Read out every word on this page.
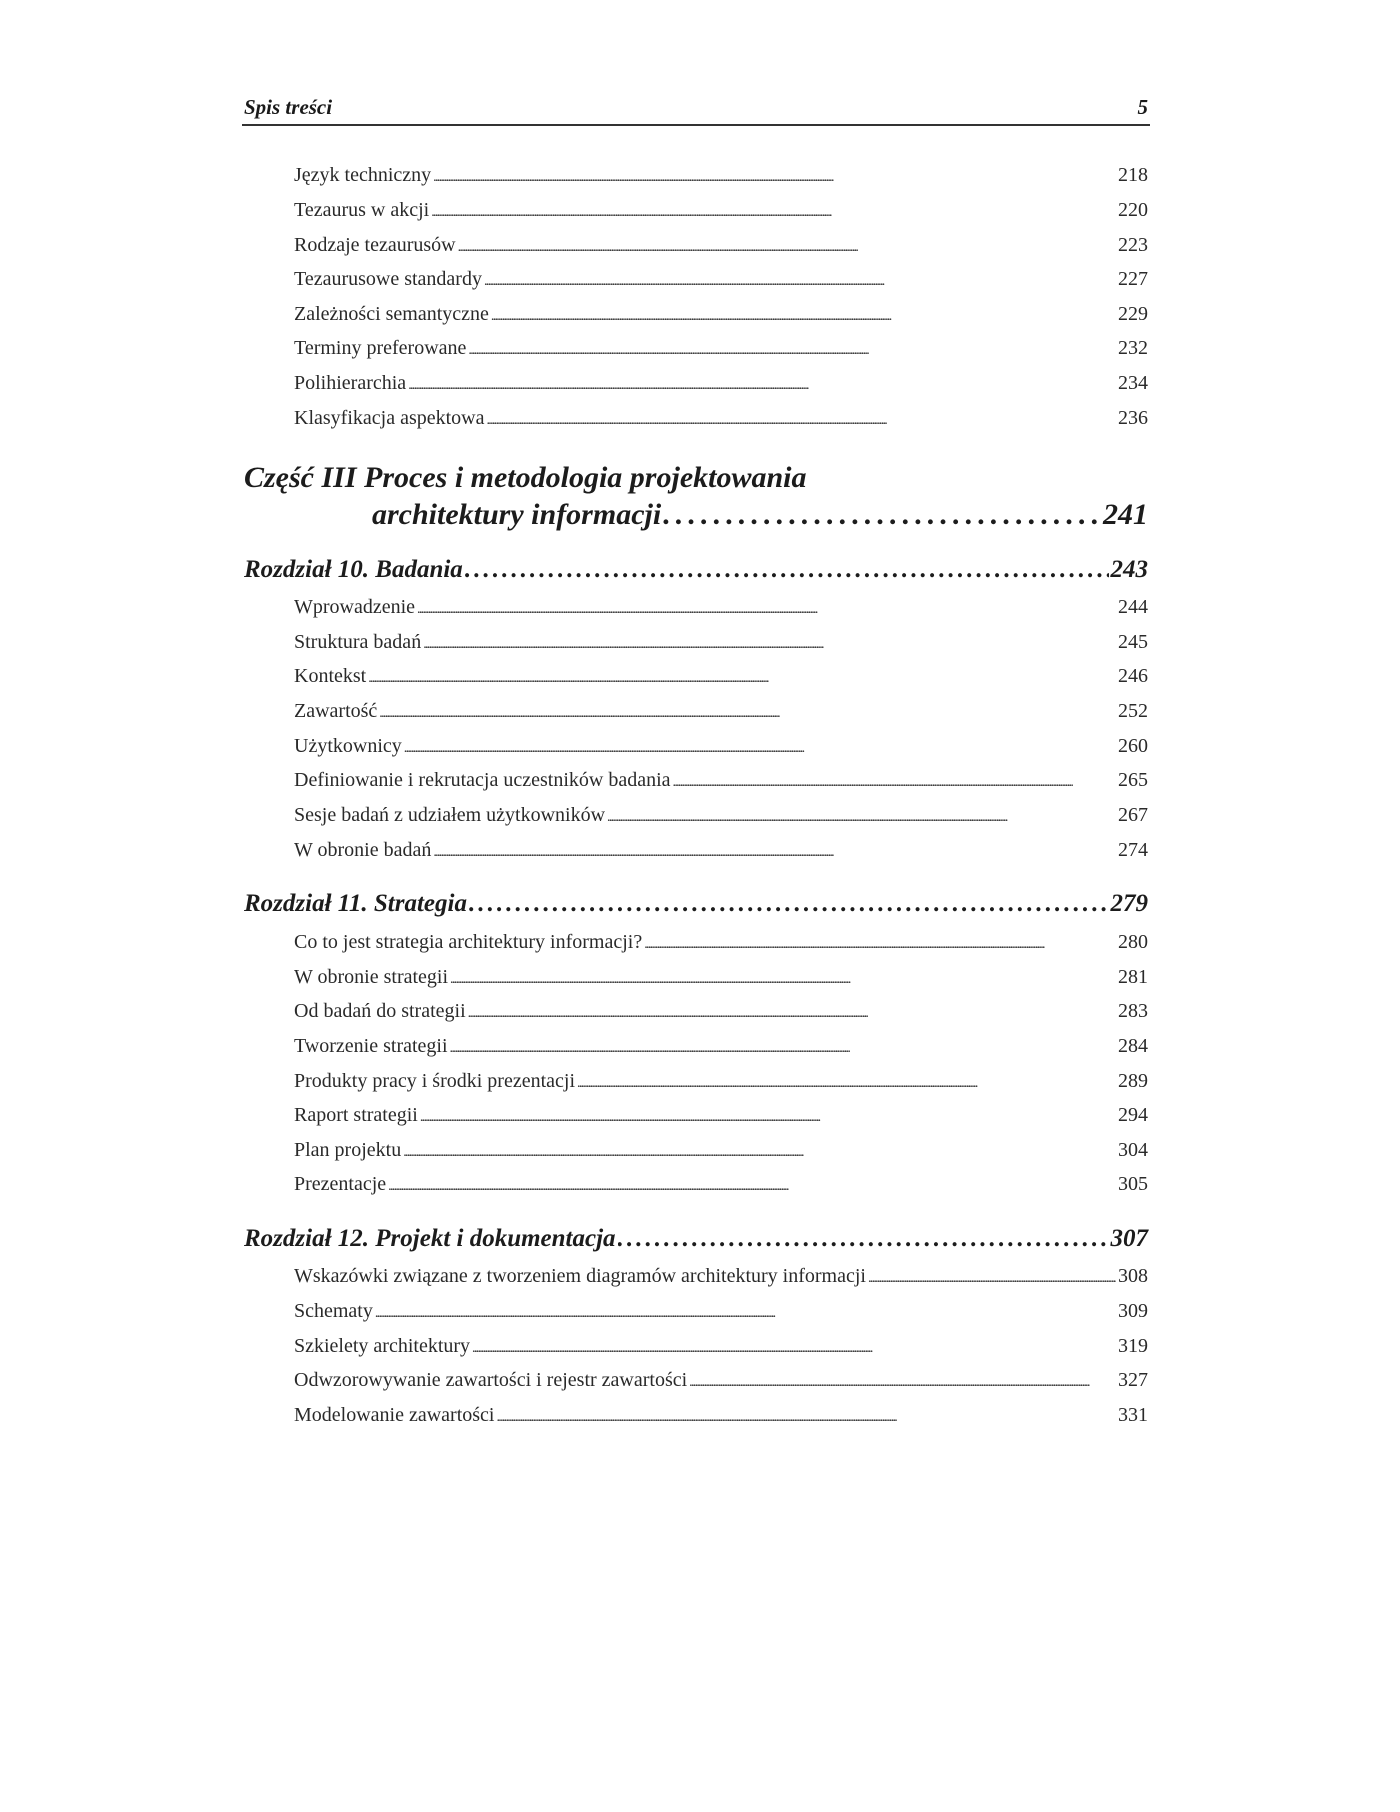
Spis treści	5
Język techniczny . . .	218
Tezaurus w akcji . . .	220
Rodzaje tezaurusów . . .	223
Tezaurusowe standardy . . .	227
Zależności semantyczne . . .	229
Terminy preferowane . . .	232
Polihierarchia . . .	234
Klasyfikacja aspektowa . . .	236
Część III Proces i metodologia projektowania
architektury informacji . . .	241
Rozdział 10. Badania . . .	243
Wprowadzenie . . .	244
Struktura badań . . .	245
Kontekst . . .	246
Zawartość . . .	252
Użytkownicy . . .	260
Definiowanie i rekrutacja uczestników badania . . .	265
Sesje badań z udziałem użytkowników . . .	267
W obronie badań . . .	274
Rozdział 11. Strategia . . .	279
Co to jest strategia architektury informacji? . . .	280
W obronie strategii . . .	281
Od badań do strategii . . .	283
Tworzenie strategii . . .	284
Produkty pracy i środki prezentacji . . .	289
Raport strategii . . .	294
Plan projektu . . .	304
Prezentacje . . .	305
Rozdział 12. Projekt i dokumentacja . . .	307
Wskazówki związane z tworzeniem diagramów architektury informacji . . .	308
Schematy . . .	309
Szkielety architektury . . .	319
Odwzorowywanie zawartości i rejestr zawartości . . .	327
Modelowanie zawartości . . .	331
